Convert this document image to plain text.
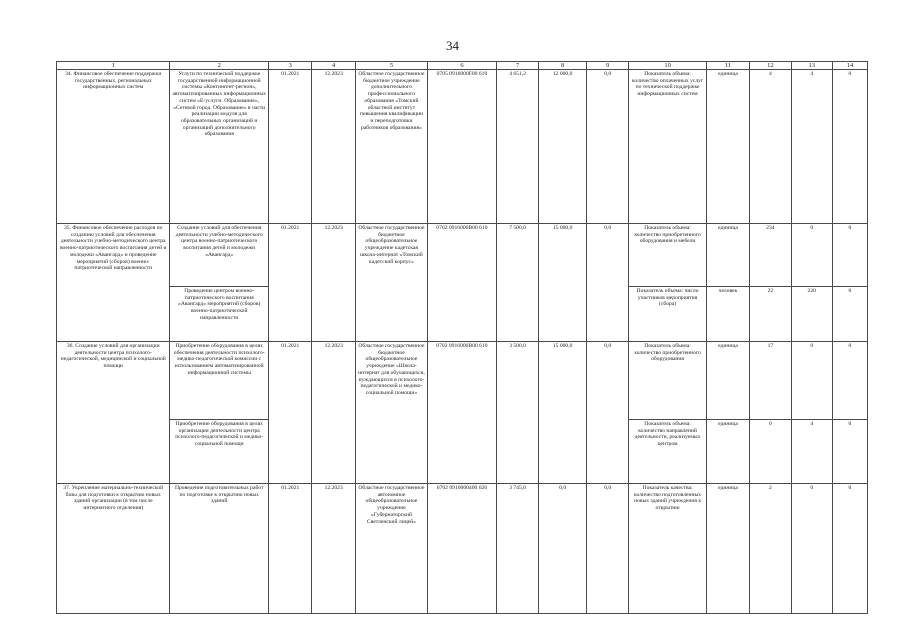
34
1	2	3	4	5	6	7	8	9	10	11	12	13	14
34. Финансовое обеспечение поддержки государственных, региональных информационных систем	Услуги по технической поддержке государственной информационной системы «Контингент-регион», автоматизированных информационных систем «Е-услуги. Образование», «Сетевой город. Образование» в части реализации модуля для образовательных организаций и организаций дополнительного образования	01.2021	12.2023	Областное государственное бюджетное учреждение дополнительного профессионального образования «Томский областной институт повышения квалификации и переподготовки работников образования»	0705 0916000F00 610	4 651,2	12 000,0	0,0	Показатель объема: количество оплаченных услуг по технической поддержке информационных систем	единица	4	4	0
35. Финансовое обеспечение расходов по созданию условий для обеспечения деятельности учебно-методического центра военно-патриотического воспитания детей и молодежи «Авангард» и проведение мероприятий (сборов) военно-патриотической направленности	Создание условий для обеспечения деятельности учебно-методического центра военно-патриотического воспитания детей и молодежи «Авангард»	01.2021	12.2023	Областное государственное бюджетное общеобразовательное учреждение кадетская школа-интернат «Томский кадетский корпус»	0702 0916000B00 610	7 500,0	15 000,0	0,0	Показатель объема: количество приобретенного оборудования и мебели	единица	234	0	0
	Проведение центром военно-патриотического воспитания «Авангард» мероприятий (сборов) военно-патриотической направленности								Показатель объема: число участников мероприятия (сбора)	человек	22	220	0
36. Создание условий для организации деятельности центра психолого-педагогической, медицинской и социальной помощи	Приобретение оборудования в целях обеспечения деятельности психолого-медико-педагогической комиссии с использованием автоматизированной информационной системы	01.2021	12.2023	Областное государственное бюджетное общеобразовательное учреждение «Школа-интернат для обучающихся, нуждающихся в психолого-педагогической и медико-социальной помощи»	0702 0916000B00 610	3 500,0	15 000,0	0,0	Показатель объема: количество приобретенного оборудования	единица	17	0	0
	Приобретение оборудования в целях организации деятельности центра психолого-педагогической и медико-социальной помощи								Показатель объема: количество направлений деятельности, реализуемых центром	единица	0	4	0
37. Укрепление материально-технической базы для подготовки к открытию новых зданий организации (в том числе интернатного отделения)	Проведение подготовительных работ по подготовке к открытию новых зданий	01.2021	12.2023	Областное государственное автономное общеобразовательное учреждение «Губернаторский Светленский лицей»	0702 0916000400 620	3 745,0	0,0	0,0	Показатель качества: количество подготовленных новых зданий учреждения к открытию	единица	2	0	0
